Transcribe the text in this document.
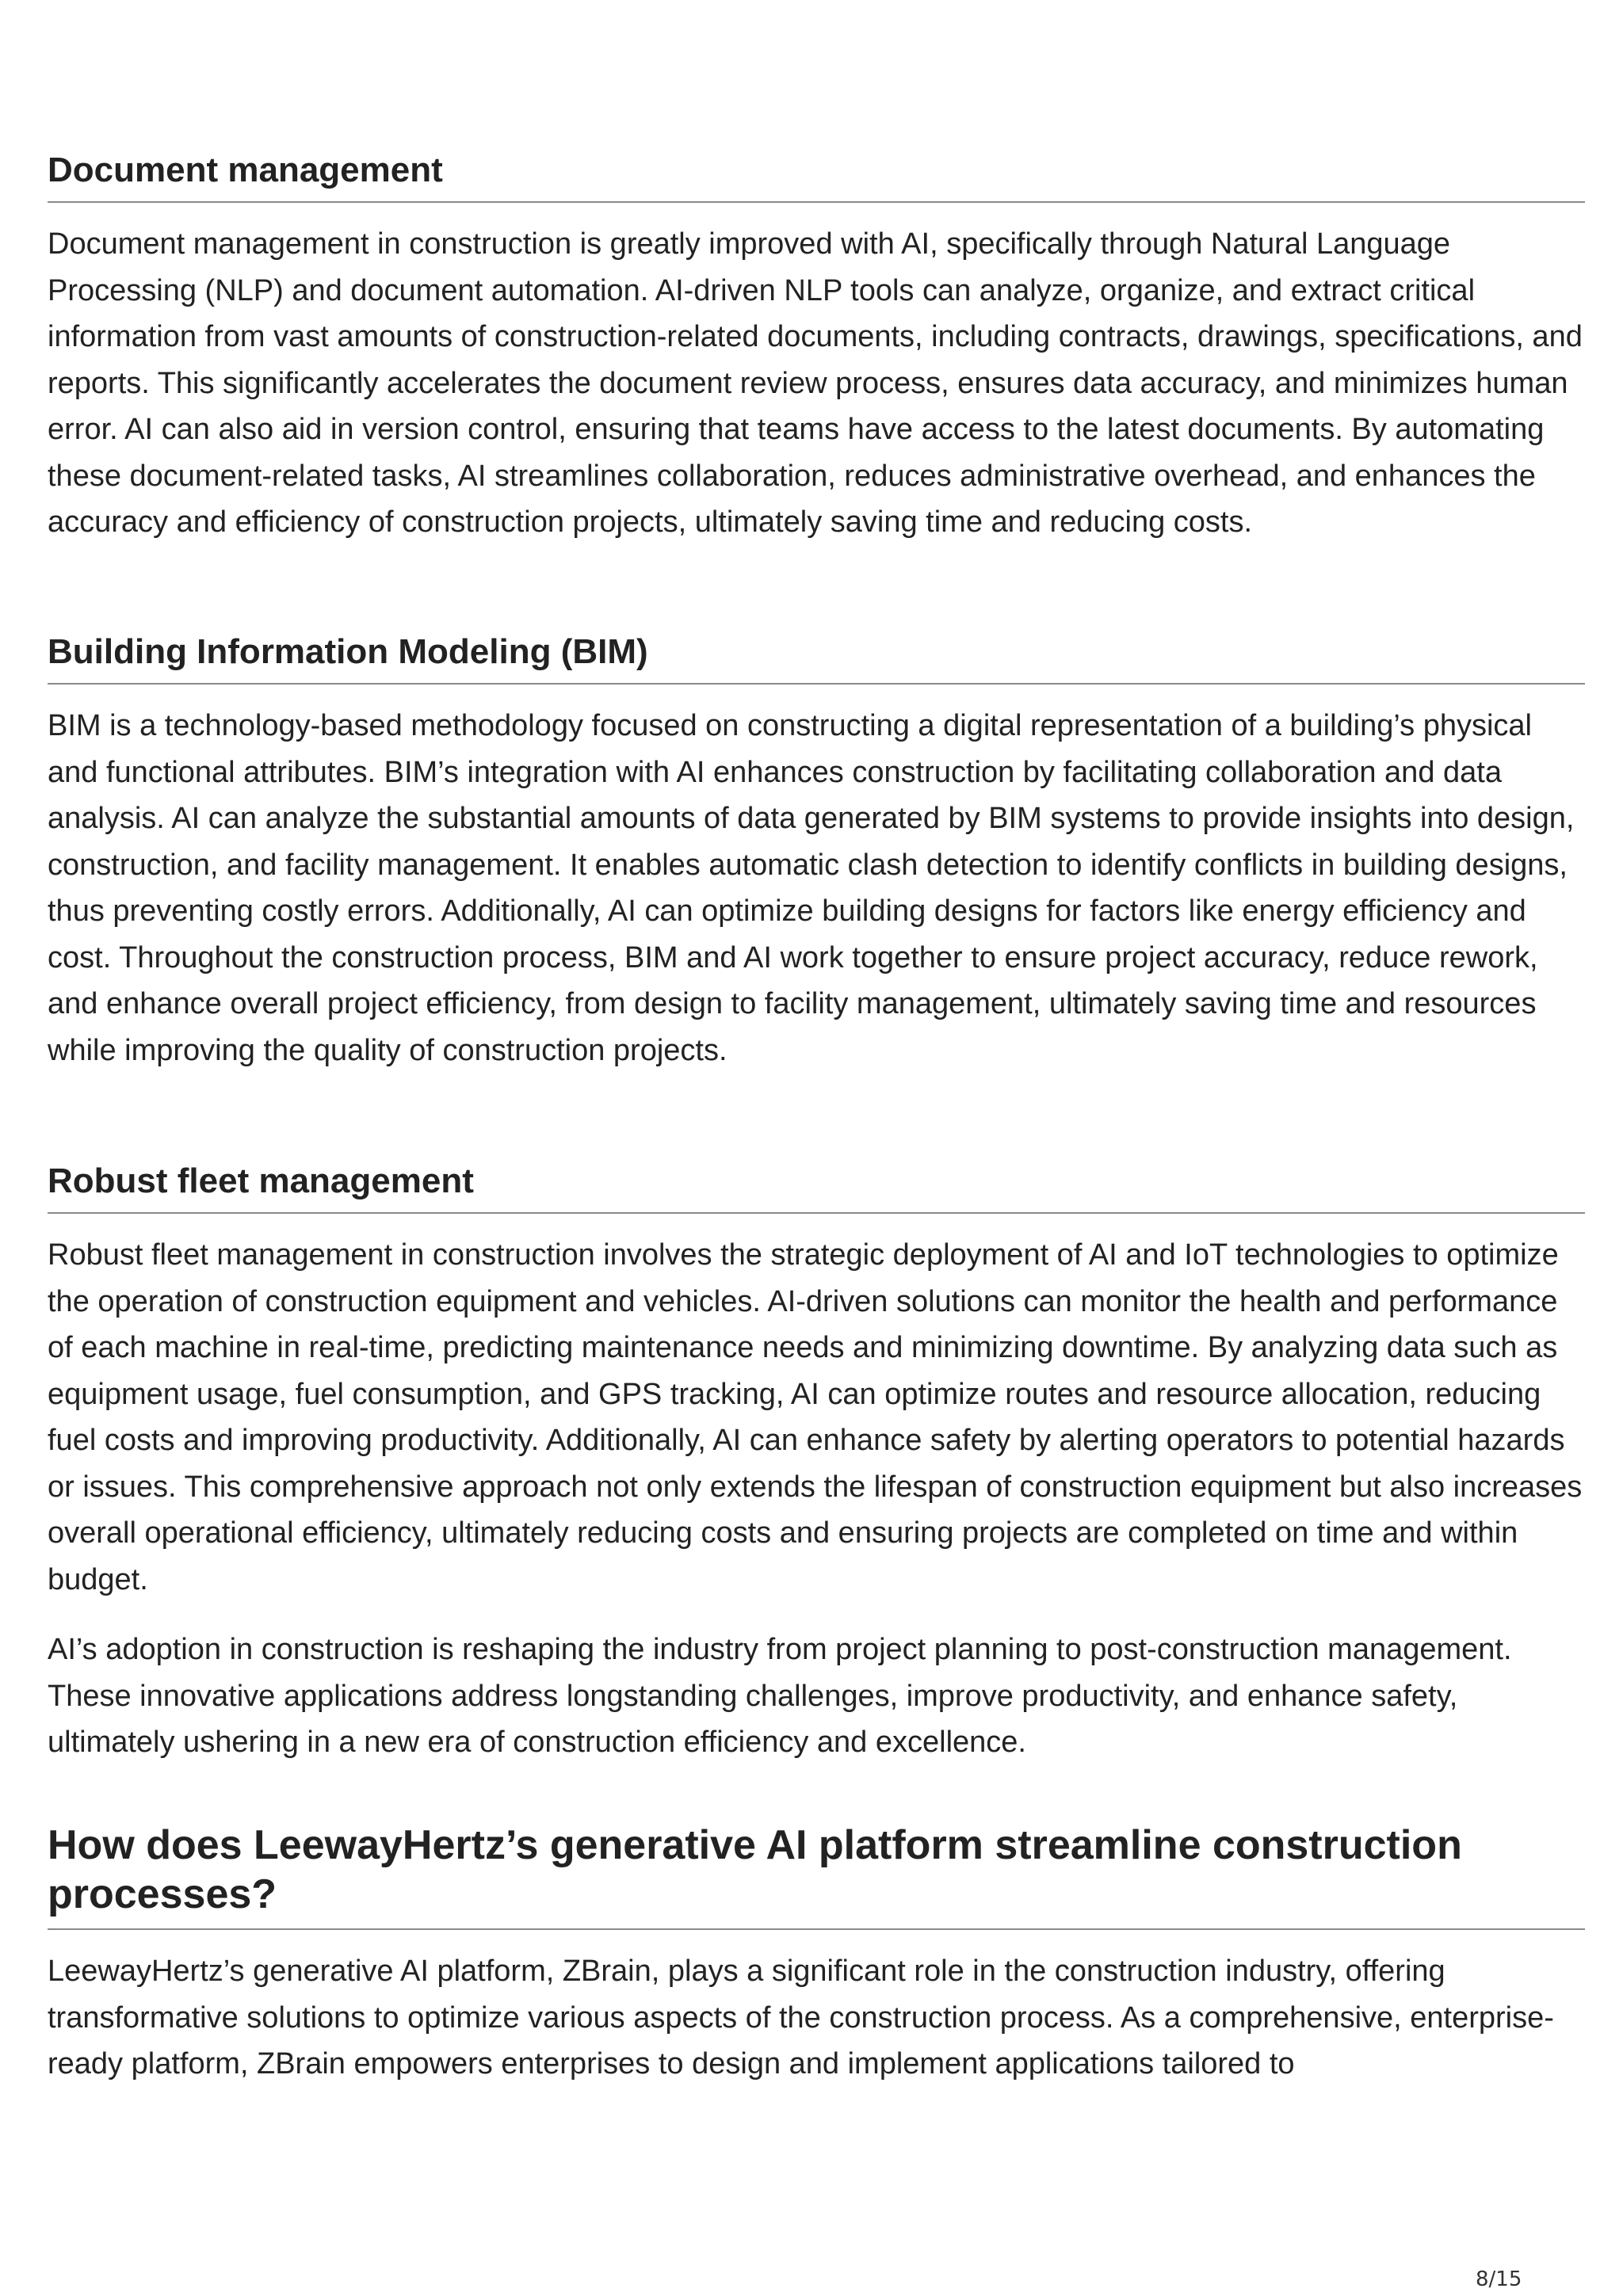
Document management

Document management in construction is greatly improved with AI, specifically through Natural Language Processing (NLP) and document automation. AI-driven NLP tools can analyze, organize, and extract critical information from vast amounts of construction-related documents, including contracts, drawings, specifications, and reports. This significantly accelerates the document review process, ensures data accuracy, and minimizes human error. AI can also aid in version control, ensuring that teams have access to the latest documents. By automating these document-related tasks, AI streamlines collaboration, reduces administrative overhead, and enhances the accuracy and efficiency of construction projects, ultimately saving time and reducing costs.

Building Information Modeling (BIM)

BIM is a technology-based methodology focused on constructing a digital representation of a building’s physical and functional attributes. BIM’s integration with AI enhances construction by facilitating collaboration and data analysis. AI can analyze the substantial amounts of data generated by BIM systems to provide insights into design, construction, and facility management. It enables automatic clash detection to identify conflicts in building designs, thus preventing costly errors. Additionally, AI can optimize building designs for factors like energy efficiency and cost. Throughout the construction process, BIM and AI work together to ensure project accuracy, reduce rework, and enhance overall project efficiency, from design to facility management, ultimately saving time and resources while improving the quality of construction projects.

Robust fleet management

Robust fleet management in construction involves the strategic deployment of AI and IoT technologies to optimize the operation of construction equipment and vehicles. AI-driven solutions can monitor the health and performance of each machine in real-time, predicting maintenance needs and minimizing downtime. By analyzing data such as equipment usage, fuel consumption, and GPS tracking, AI can optimize routes and resource allocation, reducing fuel costs and improving productivity. Additionally, AI can enhance safety by alerting operators to potential hazards or issues. This comprehensive approach not only extends the lifespan of construction equipment but also increases overall operational efficiency, ultimately reducing costs and ensuring projects are completed on time and within budget.

AI’s adoption in construction is reshaping the industry from project planning to post-construction management. These innovative applications address longstanding challenges, improve productivity, and enhance safety, ultimately ushering in a new era of construction efficiency and excellence.

How does LeewayHertz’s generative AI platform streamline construction processes?

LeewayHertz’s generative AI platform, ZBrain, plays a significant role in the construction industry, offering transformative solutions to optimize various aspects of the construction process. As a comprehensive, enterprise-ready platform, ZBrain empowers enterprises to design and implement applications tailored to

8/15
